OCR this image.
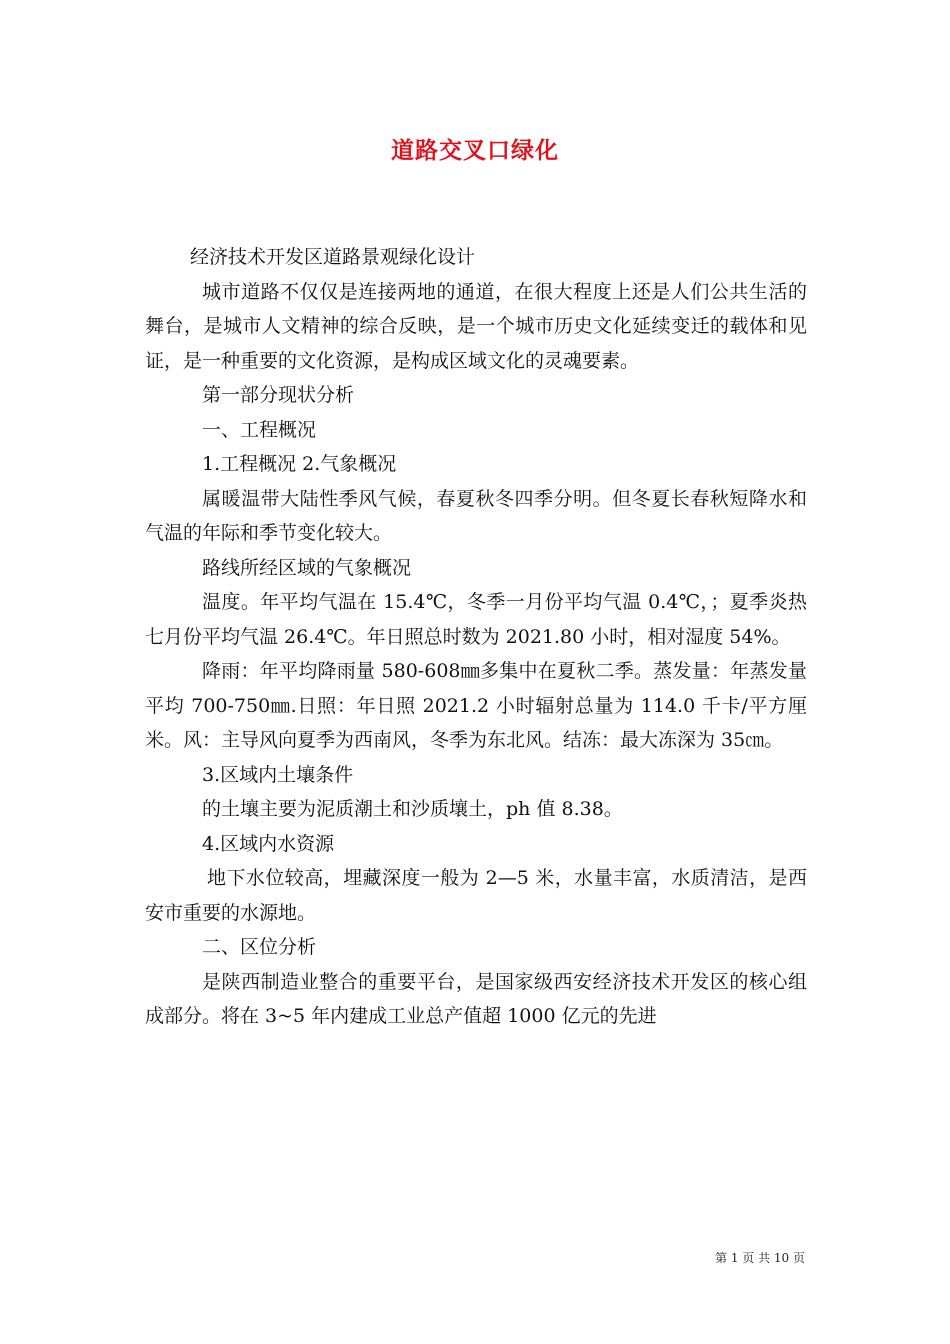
道路交叉口绿化

经济技术开发区道路景观绿化设计

城市道路不仅仅是连接两地的通道，在很大程度上还是人们公共生活的舞台，是城市人文精神的综合反映，是一个城市历史文化延续变迁的载体和见证，是一种重要的文化资源，是构成区域文化的灵魂要素。

第一部分现状分析

一、工程概况

1.工程概况 2.气象概况

属暖温带大陆性季风气候，春夏秋冬四季分明。但冬夏长春秋短降水和气温的年际和季节变化较大。

路线所经区域的气象概况

温度。年平均气温在 15.4℃，冬季一月份平均气温 0.4℃，；夏季炎热七月份平均气温 26.4℃。年日照总时数为 2021.80 小时，相对湿度 54%。

降雨：年平均降雨量 580-608㎜多集中在夏秋二季。蒸发量：年蒸发量平均 700-750㎜.日照：年日照 2021.2 小时辐射总量为 114.0 千卡/平方厘米。风：主导风向夏季为西南风，冬季为东北风。结冻：最大冻深为 35㎝。

3.区域内土壤条件

的土壤主要为泥质潮土和沙质壤土，ph 值 8.38。

4.区域内水资源

地下水位较高，埋藏深度一般为 2—5 米，水量丰富，水质清洁，是西安市重要的水源地。

二、区位分析

是陕西制造业整合的重要平台，是国家级西安经济技术开发区的核心组成部分。将在 3~5 年内建成工业总产值超 1000 亿元的先进

第 1 页 共 10 页
